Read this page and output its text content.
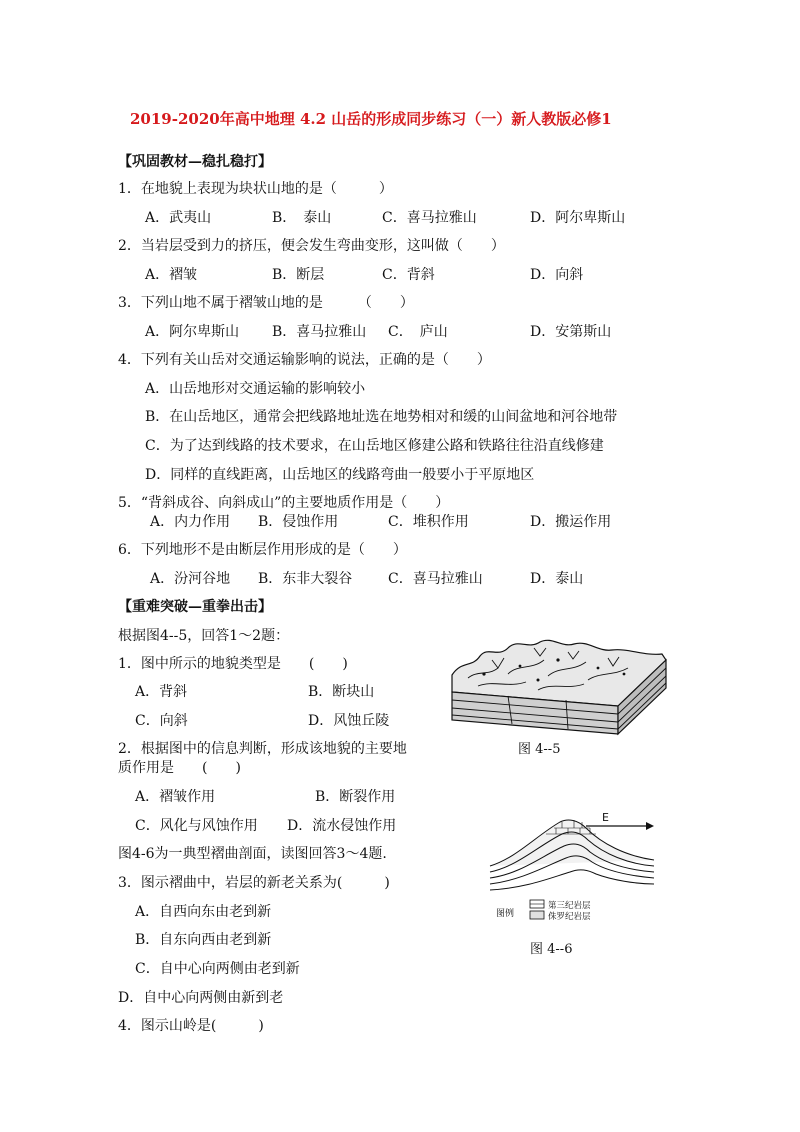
2019-2020年高中地理 4.2 山岳的形成同步练习（一）新人教版必修1
【巩固教材—稳扎稳打】
1．在地貌上表现为块状山地的是（　　　）
A．武夷山	B．　泰山	C．喜马拉雅山	D．阿尔卑斯山
2．当岩层受到力的挤压，便会发生弯曲变形，这叫做（　　）
A．褶皱	B．断层	C．背斜	D．向斜
3．下列山地不属于褶皱山地的是　　　（　　）
A．阿尔卑斯山 B．喜马拉雅山 C．　庐山	D．安第斯山
4．下列有关山岳对交通运输影响的说法，正确的是（　　）
A．山岳地形对交通运输的影响较小
B．在山岳地区，通常会把线路地址选在地势相对和缓的山间盆地和河谷地带
C．为了达到线路的技术要求，在山岳地区修建公路和铁路往往沿直线修建
D．同样的直线距离，山岳地区的线路弯曲一般要小于平原地区
5．“背斜成谷、向斜成山”的主要地质作用是（　　）
A．内力作用 B．侵蚀作用	C．堆积作用	D．搬运作用
6．下列地形不是由断层作用形成的是（　　）
A．汾河谷地 B．东非大裂谷	C．喜马拉雅山	D．泰山
【重难突破—重拳出击】
根据图4--5，回答1～2题：
1．图中所示的地貌类型是　　(　　)
A．背斜	B．断块山
C．向斜	D．风蚀丘陵
2．根据图中的信息判断，形成该地貌的主要地
质作用是　　(　　)
A．褶皱作用	B．断裂作用
C．风化与风蚀作用 D．流水侵蚀作用
图4-6为一典型褶曲剖面，读图回答3～4题.
3．图示褶曲中，岩层的新老关系为(　　　)
A．自西向东由老到新
B．自东向西由老到新
C．自中心向两侧由老到新
D．自中心向两侧由新到老
4．图示山岭是(　　　)
图 4--5
E
图例
第三纪岩层
侏罗纪岩层
图 4--6
